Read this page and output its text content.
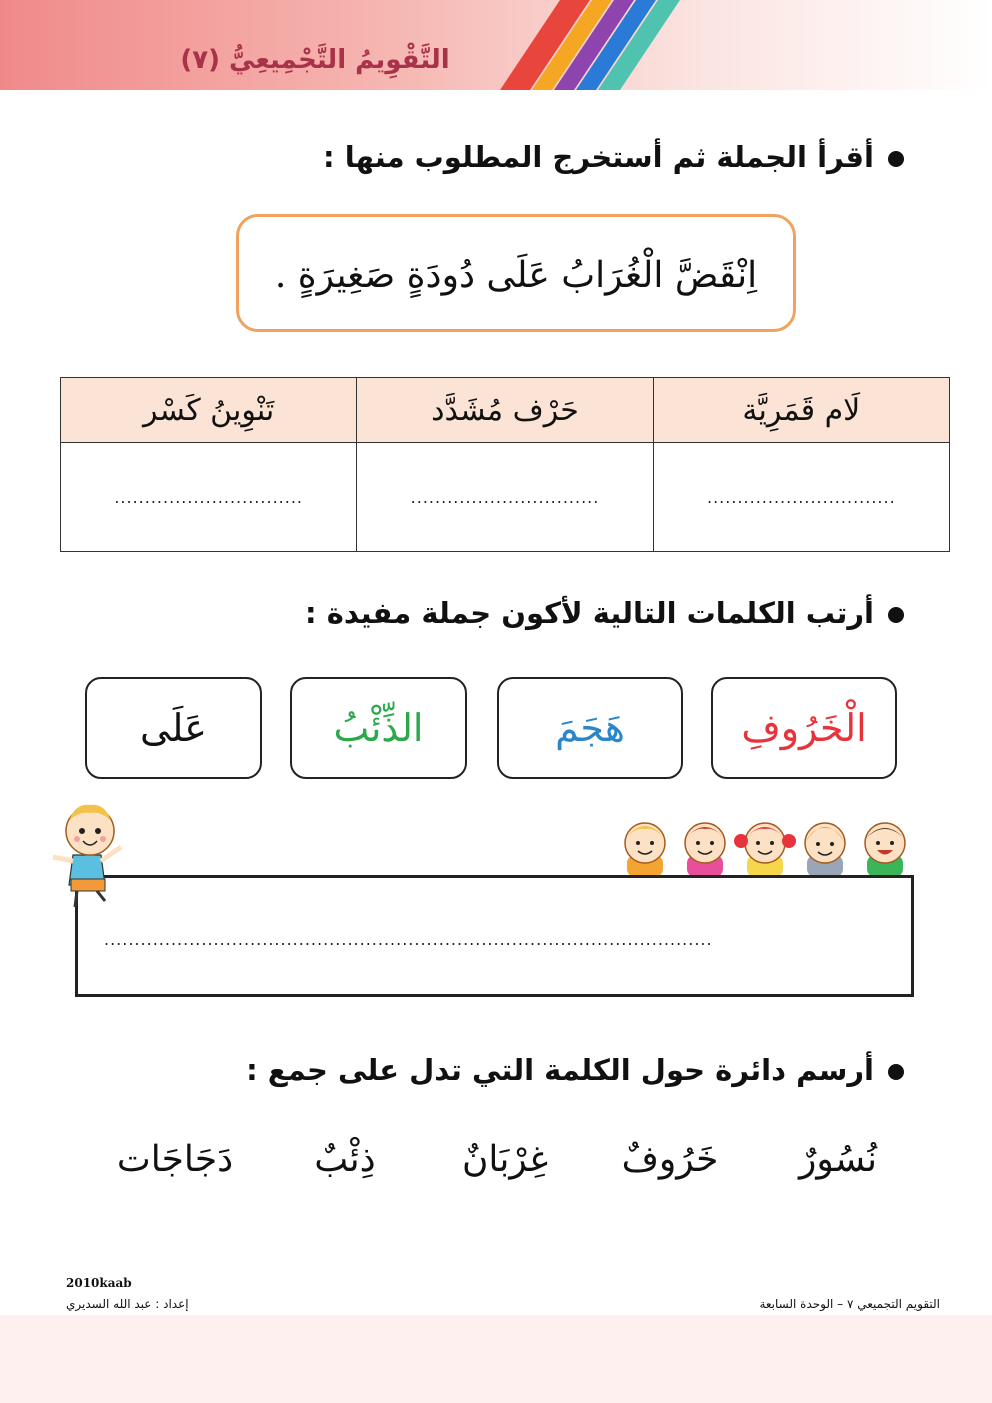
التَّقْوِيمُ التَّجْمِيعِيُّ (٧)
أقرأ الجملة ثم أستخرج المطلوب منها :
اِنْقَضَّ الْغُرَابُ عَلَى دُودَةٍ صَغِيرَةٍ .
لَام قَمَرِيَّة	حَرْف مُشَدَّد	تَنْوِينُ كَسْر
...............................	...............................	...............................
أرتب الكلمات التالية لأكون جملة مفيدة :
الْخَرُوفِ
هَجَمَ
الذِّئْبُ
عَلَى
....................................................................................................
أرسم دائرة حول الكلمة التي تدل على جمع :
نُسُورٌ
خَرُوفٌ
غِرْبَانٌ
ذِئْبٌ
دَجَاجَات
2010kaab
إعداد : عبد الله السديري	التقويم التجميعي ٧ – الوحدة السابعة
